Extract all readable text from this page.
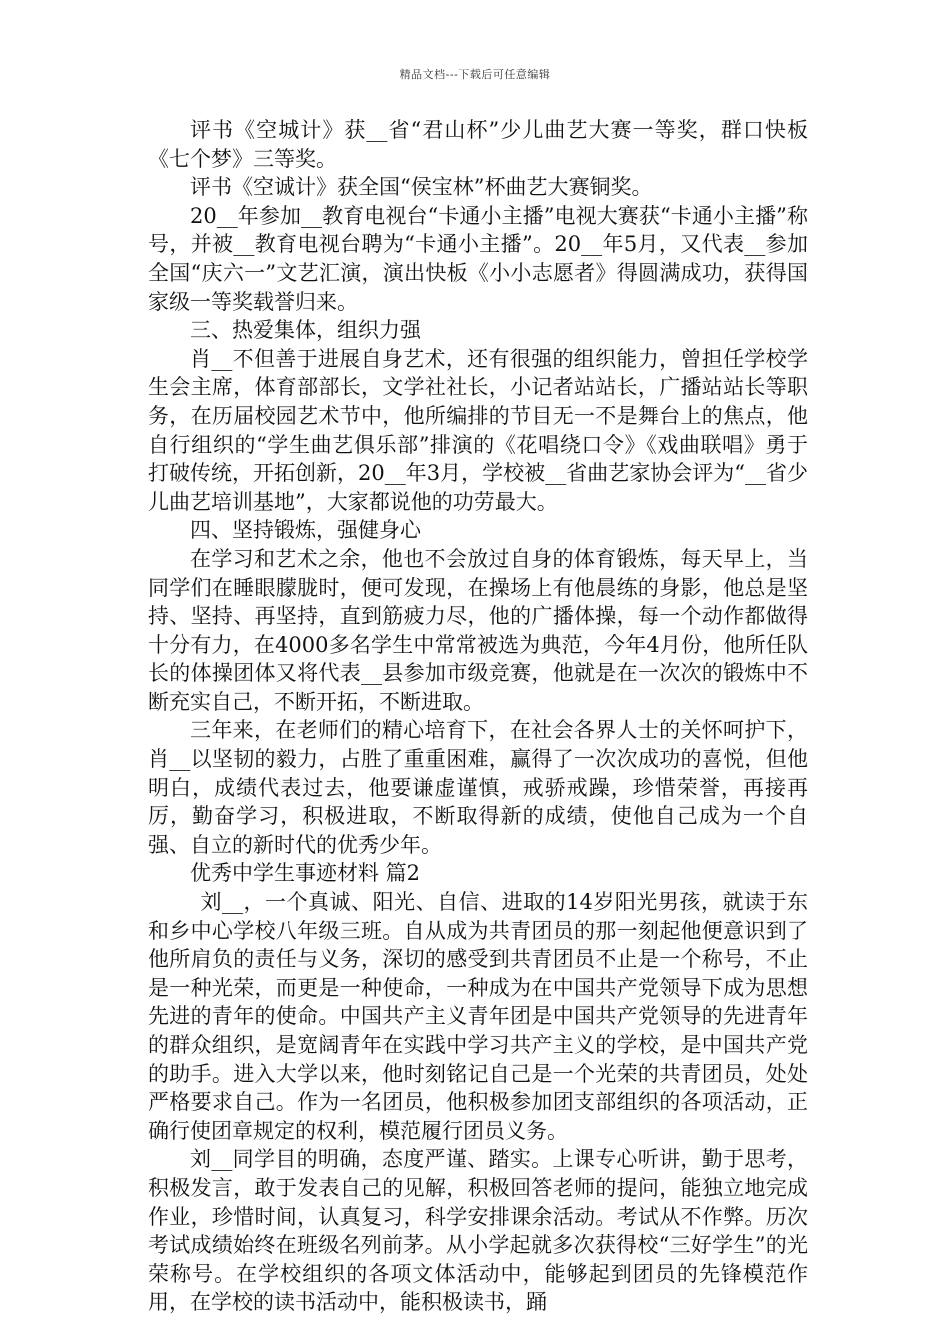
精品文档---下载后可任意编辑

评书《空城计》获__省“君山杯”少儿曲艺大赛一等奖，群口快板《七个梦》三等奖。

评书《空诚计》获全国“侯宝林”杯曲艺大赛铜奖。

20__年参加__教育电视台“卡通小主播”电视大赛获“卡通小主播”称号，并被__教育电视台聘为“卡通小主播”。20__年5月，又代表__参加全国“庆六一”文艺汇演，演出快板《小小志愿者》得圆满成功，获得国家级一等奖载誉归来。

三、热爱集体，组织力强

肖__不但善于进展自身艺术，还有很强的组织能力，曾担任学校学生会主席，体育部部长，文学社社长，小记者站站长，广播站站长等职务，在历届校园艺术节中，他所编排的节目无一不是舞台上的焦点，他自行组织的“学生曲艺俱乐部”排演的《花唱绕口令》《戏曲联唱》勇于打破传统，开拓创新，20__年3月，学校被__省曲艺家协会评为“__省少儿曲艺培训基地”，大家都说他的功劳最大。

四、坚持锻炼，强健身心

在学习和艺术之余，他也不会放过自身的体育锻炼，每天早上，当同学们在睡眼朦胧时，便可发现，在操场上有他晨练的身影，他总是坚持、坚持、再坚持，直到筋疲力尽，他的广播体操，每一个动作都做得十分有力，在4000多名学生中常常被选为典范，今年4月份，他所任队长的体操团体又将代表__县参加市级竞赛，他就是在一次次的锻炼中不断充实自己，不断开拓，不断进取。

三年来，在老师们的精心培育下，在社会各界人士的关怀呵护下，肖__以坚韧的毅力，占胜了重重困难，赢得了一次次成功的喜悦，但他明白，成绩代表过去，他要谦虚谨慎，戒骄戒躁，珍惜荣誉，再接再厉，勤奋学习，积极进取，不断取得新的成绩，使他自己成为一个自强、自立的新时代的优秀少年。

优秀中学生事迹材料 篇2

刘__，一个真诚、阳光、自信、进取的14岁阳光男孩，就读于东和乡中心学校八年级三班。自从成为共青团员的那一刻起他便意识到了他所肩负的责任与义务，深切的感受到共青团员不止是一个称号，不止是一种光荣，而更是一种使命，一种成为在中国共产党领导下成为思想先进的青年的使命。中国共产主义青年团是中国共产党领导的先进青年的群众组织，是宽阔青年在实践中学习共产主义的学校，是中国共产党的助手。进入大学以来，他时刻铭记自己是一个光荣的共青团员，处处严格要求自己。作为一名团员，他积极参加团支部组织的各项活动，正确行使团章规定的权利，模范履行团员义务。

刘__同学目的明确，态度严谨、踏实。上课专心听讲，勤于思考，积极发言，敢于发表自己的见解，积极回答老师的提问，能独立地完成作业，珍惜时间，认真复习，科学安排课余活动。考试从不作弊。历次考试成绩始终在班级名列前茅。从小学起就多次获得校“三好学生”的光荣称号。在学校组织的各项文体活动中，能够起到团员的先锋模范作用，在学校的读书活动中，能积极读书，踊
